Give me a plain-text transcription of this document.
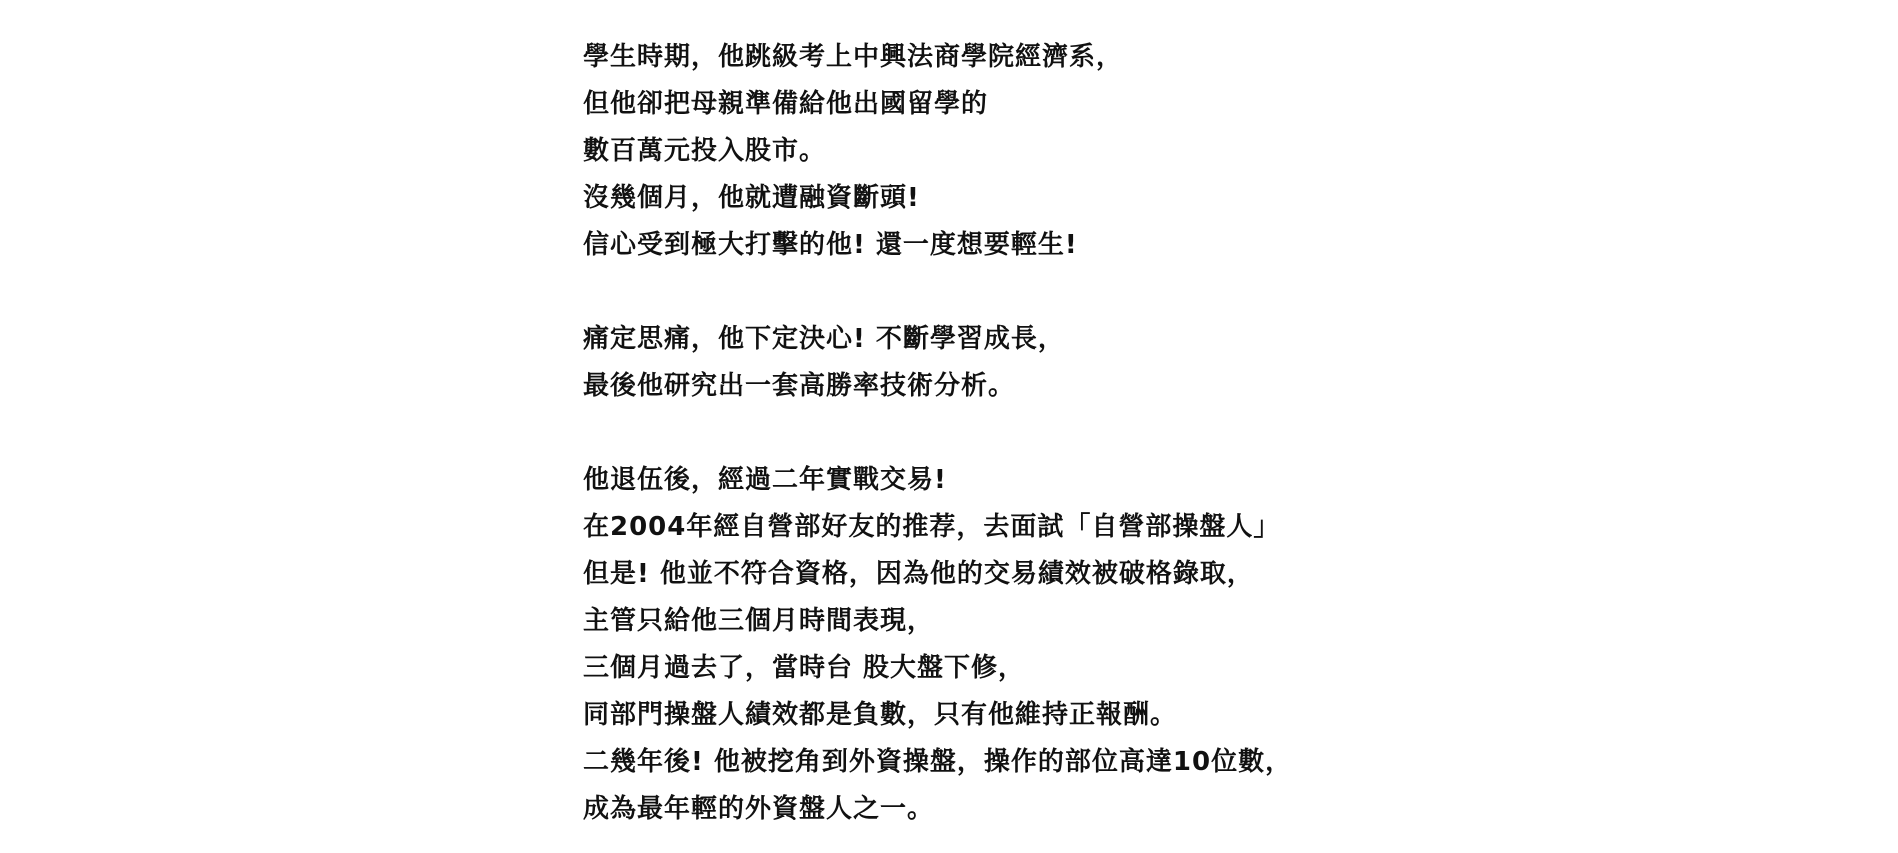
學生時期，他跳級考上中興法商學院經濟系，
但他卻把母親準備給他出國留學的
數百萬元投入股市。
沒幾個月，他就遭融資斷頭!
信心受到極大打擊的他! 還一度想要輕生!

痛定思痛，他下定決心! 不斷學習成長，
最後他研究出一套高勝率技術分析。

他退伍後，經過二年實戰交易!
在2004年經自營部好友的推荐，去面試「自營部操盤人」
但是! 他並不符合資格，因為他的交易績效被破格錄取，
主管只給他三個月時間表現，
三個月過去了，當時台 股大盤下修，
同部門操盤人績效都是負數，只有他維持正報酬。
二幾年後! 他被挖角到外資操盤，操作的部位高達10位數，
成為最年輕的外資盤人之一。
